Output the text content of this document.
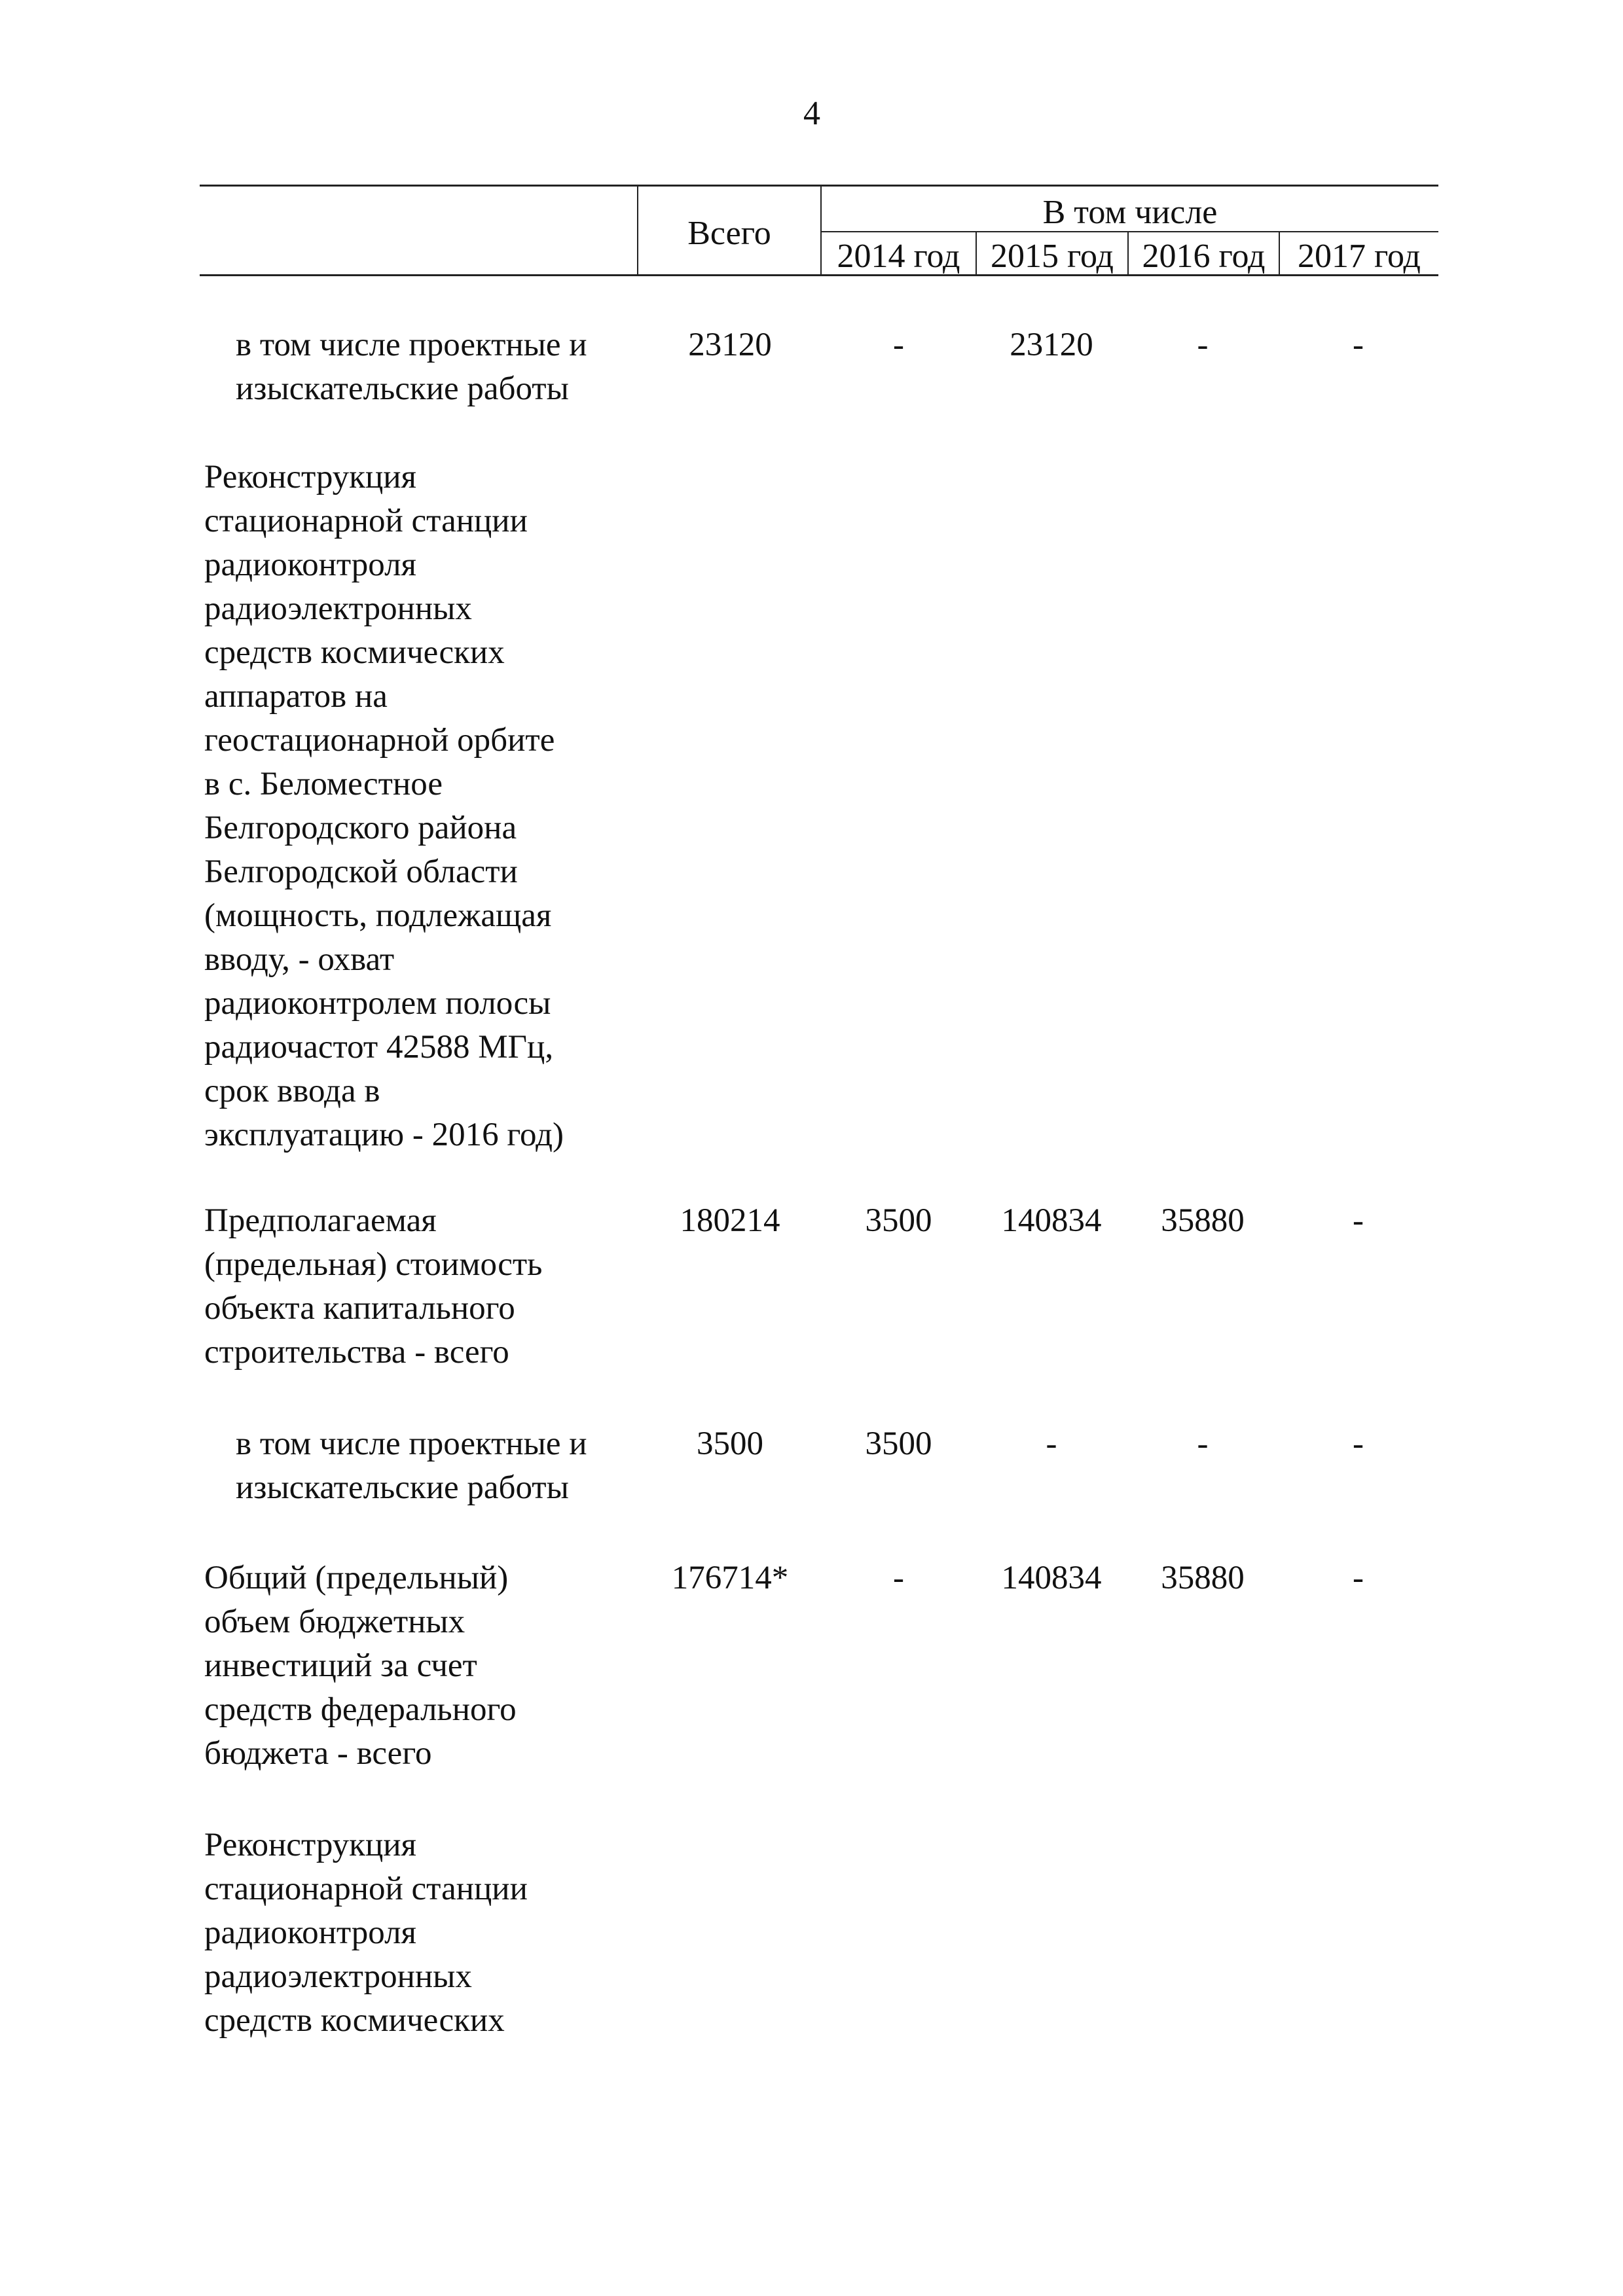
4
Всего
В том числе
2014 год 2015 год 2016 год 2017 год
в том числе проектные и
изыскательские работы
23120	-	23120	-	-
Реконструкция
стационарной станции
радиоконтроля
радиоэлектронных
средств космических
аппаратов на
геостационарной орбите
в с. Беломестное
Белгородского района
Белгородской области
(мощность, подлежащая
вводу, - охват
радиоконтролем полосы
радиочастот 42588 МГц,
срок ввода в
эксплуатацию - 2016 год)
Предполагаемая
(предельная) стоимость
объекта капитального
строительства - всего
180214	3500	140834	35880	-
в том числе проектные и
изыскательские работы
3500	3500	-	-	-
Общий (предельный)
объем бюджетных
инвестиций за счет
средств федерального
бюджета - всего
176714*	-	140834	35880	-
Реконструкция
стационарной станции
радиоконтроля
радиоэлектронных
средств космических
